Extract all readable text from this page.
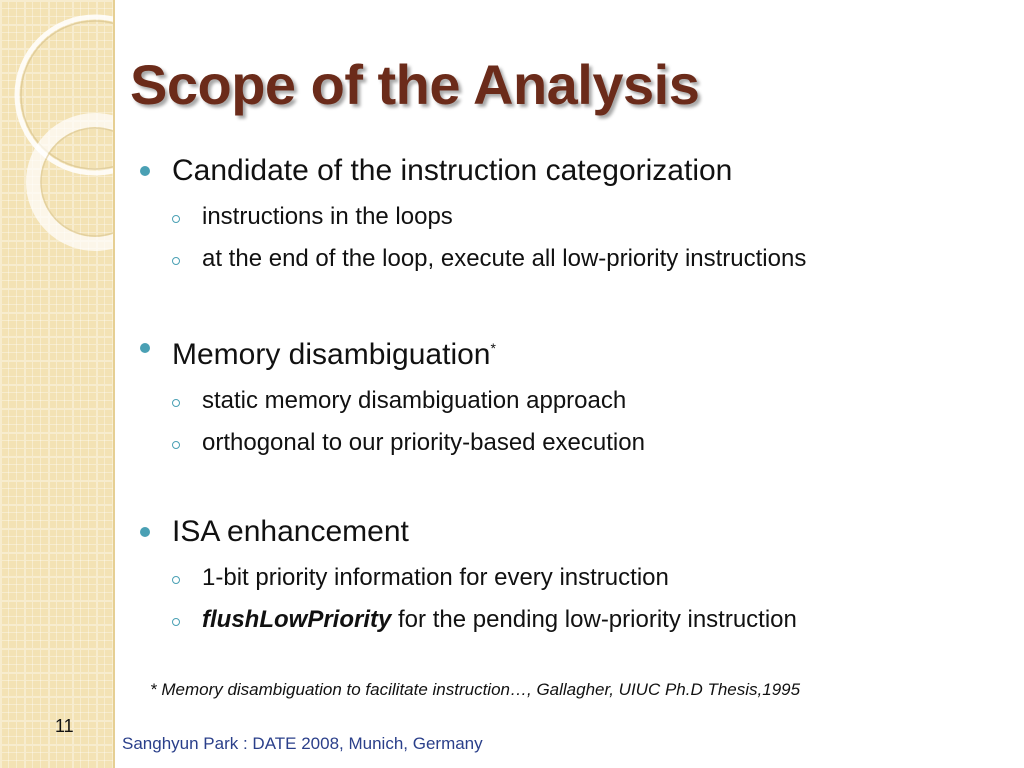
Scope of the Analysis
Candidate of the instruction categorization
instructions in the loops
at the end of the loop, execute all low-priority instructions
Memory disambiguation*
static memory disambiguation approach
orthogonal to our priority-based execution
ISA enhancement
1-bit priority information for every instruction
flushLowPriority for the pending low-priority instruction
* Memory disambiguation to facilitate instruction…, Gallagher, UIUC Ph.D Thesis,1995
11
Sanghyun Park : DATE 2008, Munich, Germany
